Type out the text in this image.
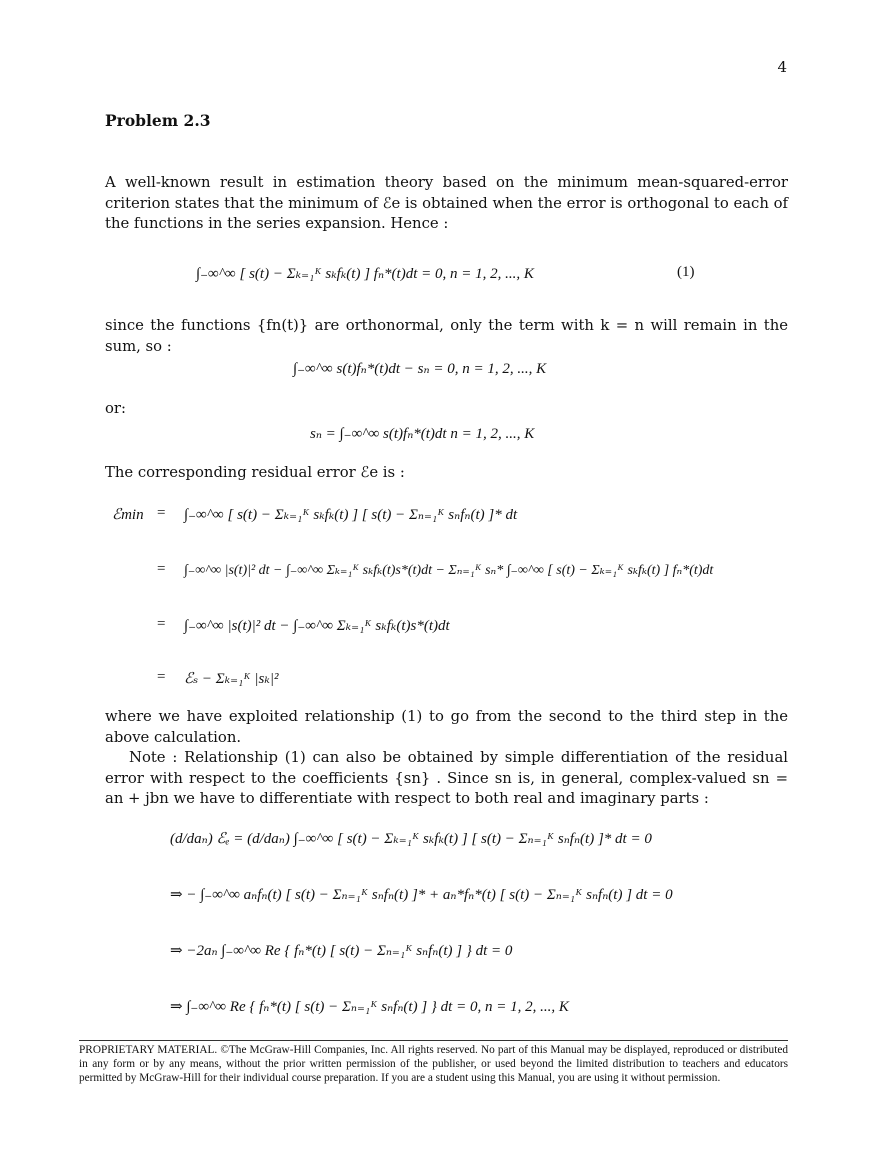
4
Problem 2.3
A well-known result in estimation theory based on the minimum mean-squared-error criterion states that the minimum of ℰe is obtained when the error is orthogonal to each of the functions in the series expansion. Hence :
∫₋∞^∞ [ s(t) − Σₖ₌₁ᴷ sₖfₖ(t) ] fₙ*(t)dt = 0, n = 1, 2, ..., K	(1)
since the functions {fn(t)} are orthonormal, only the term with k = n will remain in the sum, so :
∫₋∞^∞ s(t)fₙ*(t)dt − sₙ = 0, n = 1, 2, ..., K
or:
sₙ = ∫₋∞^∞ s(t)fₙ*(t)dt n = 1, 2, ..., K
The corresponding residual error ℰe is :
ℰmin = ∫₋∞^∞ [ s(t) − Σₖ₌₁ᴷ sₖfₖ(t) ] [ s(t) − Σₙ₌₁ᴷ sₙfₙ(t) ]* dt
= ∫₋∞^∞ |s(t)|² dt − ∫₋∞^∞ Σₖ₌₁ᴷ sₖfₖ(t)s*(t)dt − Σₙ₌₁ᴷ sₙ* ∫₋∞^∞ [ s(t) − Σₖ₌₁ᴷ sₖfₖ(t) ] fₙ*(t)dt
= ∫₋∞^∞ |s(t)|² dt − ∫₋∞^∞ Σₖ₌₁ᴷ sₖfₖ(t)s*(t)dt
= ℰₛ − Σₖ₌₁ᴷ |sₖ|²
where we have exploited relationship (1) to go from the second to the third step in the above calculation.
Note : Relationship (1) can also be obtained by simple differentiation of the residual error with respect to the coefficients {sn} . Since sn is, in general, complex-valued sn = an + jbn we have to differentiate with respect to both real and imaginary parts :
(d/daₙ) ℰₑ = (d/daₙ) ∫₋∞^∞ [ s(t) − Σₖ₌₁ᴷ sₖfₖ(t) ] [ s(t) − Σₙ₌₁ᴷ sₙfₙ(t) ]* dt = 0
⇒ − ∫₋∞^∞ aₙfₙ(t) [ s(t) − Σₙ₌₁ᴷ sₙfₙ(t) ]* + aₙ*fₙ*(t) [ s(t) − Σₙ₌₁ᴷ sₙfₙ(t) ] dt = 0
⇒ −2aₙ ∫₋∞^∞ Re { fₙ*(t) [ s(t) − Σₙ₌₁ᴷ sₙfₙ(t) ] } dt = 0
⇒ ∫₋∞^∞ Re { fₙ*(t) [ s(t) − Σₙ₌₁ᴷ sₙfₙ(t) ] } dt = 0, n = 1, 2, ..., K
PROPRIETARY MATERIAL. ©The McGraw-Hill Companies, Inc. All rights reserved. No part of this Manual may be displayed, reproduced or distributed in any form or by any means, without the prior written permission of the publisher, or used beyond the limited distribution to teachers and educators permitted by McGraw-Hill for their individual course preparation. If you are a student using this Manual, you are using it without permission.
